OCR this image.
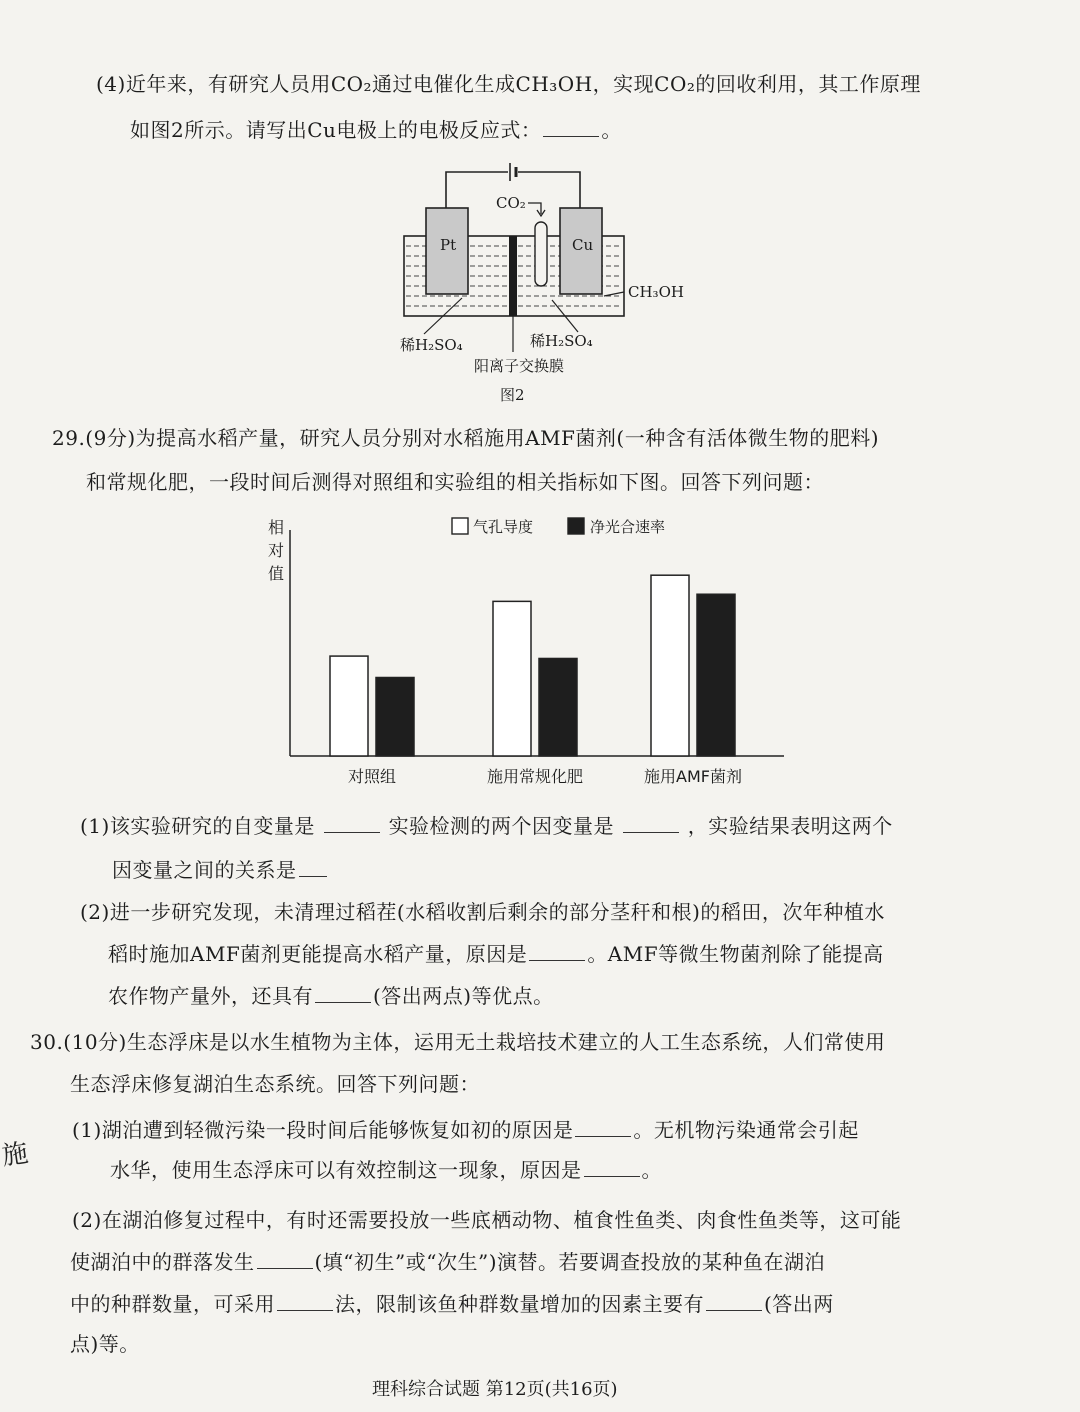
(4)近年来，有研究人员用CO₂通过电催化生成CH₃OH，实现CO₂的回收利用，其工作原理
如图2所示。请写出Cu电极上的电极反应式：	。
Pt	Cu
CO₂
CH₃OH
稀H₂SO₄	稀H₂SO₄
阳离子交换膜
图2
29.(9分)为提高水稻产量，研究人员分别对水稻施用AMF菌剂(一种含有活体微生物的肥料)
和常规化肥，一段时间后测得对照组和实验组的相关指标如下图。回答下列问题：
相
对
值
对照组	施用常规化肥	施用AMF菌剂
气孔导度	净光合速率
(1)该实验研究的自变量是	实验检测的两个因变量是	，实验结果表明这两个
因变量之间的关系是
(2)进一步研究发现，未清理过稻茬(水稻收割后剩余的部分茎秆和根)的稻田，次年种植水
稻时施加AMF菌剂更能提高水稻产量，原因是	。AMF等微生物菌剂除了能提高
农作物产量外，还具有	(答出两点)等优点。
30.(10分)生态浮床是以水生植物为主体，运用无土栽培技术建立的人工生态系统，人们常使用
生态浮床修复湖泊生态系统。回答下列问题：
(1)湖泊遭到轻微污染一段时间后能够恢复如初的原因是	。无机物污染通常会引起
水华，使用生态浮床可以有效控制这一现象，原因是	。
(2)在湖泊修复过程中，有时还需要投放一些底栖动物、植食性鱼类、肉食性鱼类等，这可能
使湖泊中的群落发生	(填“初生”或“次生”)演替。若要调查投放的某种鱼在湖泊
中的种群数量，可采用	法，限制该鱼种群数量增加的因素主要有	(答出两
点)等。
施
理科综合试题 第12页(共16页)
